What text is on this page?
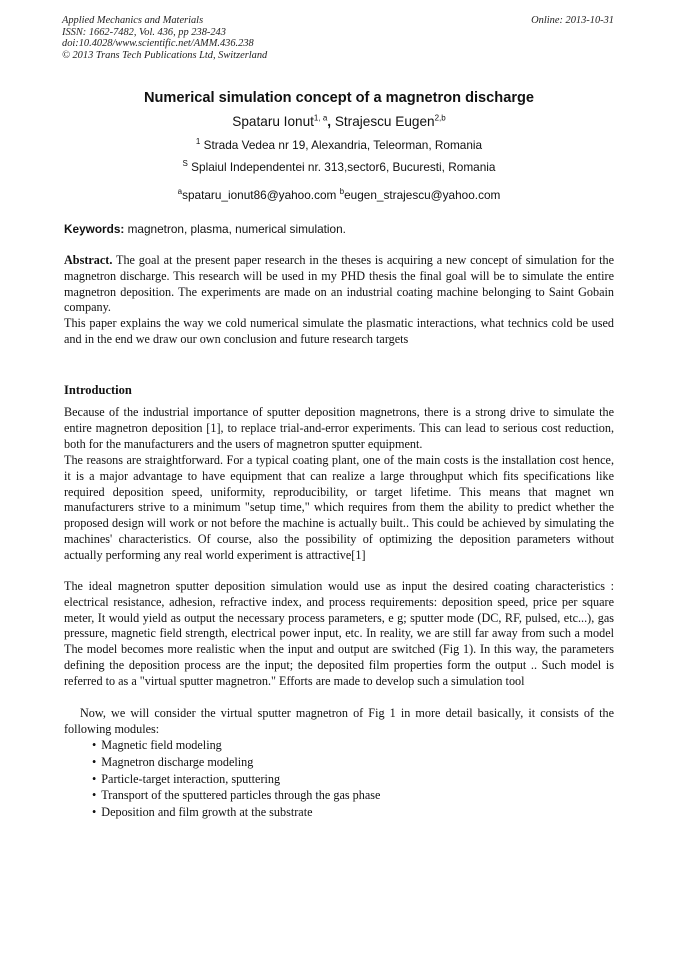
Applied Mechanics and Materials
ISSN: 1662-7482, Vol. 436, pp 238-243
doi:10.4028/www.scientific.net/AMM.436.238
© 2013 Trans Tech Publications Ltd, Switzerland
Online: 2013-10-31
Numerical simulation concept of a magnetron discharge
Spataru Ionut$^{1, a}$, Strajescu Eugen$^{2,b}$
$^1$ Strada Vedea nr 19, Alexandria, Teleorman, Romania
$^S$ Splaiul Independentei nr. 313,sector6, Bucuresti, Romania
$^a$spataru_ionut86@yahoo.com $^b$eugen_strajescu@yahoo.com
Keywords: magnetron, plasma, numerical simulation.
Abstract. The goal at the present paper research in the theses is acquiring a new concept of simulation for the magnetron discharge. This research will be used in my PHD thesis the final goal will be to simulate the entire magnetron deposition. The experiments are made on an industrial coating machine belonging to Saint Gobain company.
This paper explains the way we cold numerical simulate the plasmatic interactions, what technics cold be used and in the end we draw our own conclusion and future research targets
Introduction
Because of the industrial importance of sputter deposition magnetrons, there is a strong drive to simulate the entire magnetron deposition [1], to replace trial-and-error experiments. This can lead to serious cost reduction, both for the manufacturers and the users of magnetron sputter equipment.
The reasons are straightforward. For a typical coating plant, one of the main costs is the installation cost hence, it is a major advantage to have equipment that can realize a large throughput which fits specifications like required deposition speed, uniformity, reproducibility, or target lifetime. This means that magnet wn manufacturers strive to a minimum "setup time," which requires from them the ability to predict whether the proposed design will work or not before the machine is actually built.. This could be achieved by simulating the machines' characteristics. Of course, also the possibility of optimizing the deposition parameters without actually performing any real world experiment is attractive[1]
The ideal magnetron sputter deposition simulation would use as input the desired coating characteristics : electrical resistance, adhesion, refractive index, and process requirements: deposition speed, price per square meter, It would yield as output the necessary process parameters, e g; sputter mode (DC, RF, pulsed, etc...), gas pressure, magnetic field strength, electrical power input, etc. In reality, we are still far away from such a model The model becomes more realistic when the input and output are switched (Fig 1). In this way, the parameters defining the deposition process are the input; the deposited film properties form the output .. Such model is referred to as a "virtual sputter magnetron." Efforts are made to develop such a simulation tool
Now, we will consider the virtual sputter magnetron of Fig 1 in more detail basically, it consists of the following modules:
• Magnetic field modeling
• Magnetron discharge modeling
• Particle-target interaction, sputtering
• Transport of the sputtered particles through the gas phase
• Deposition and film growth at the substrate
